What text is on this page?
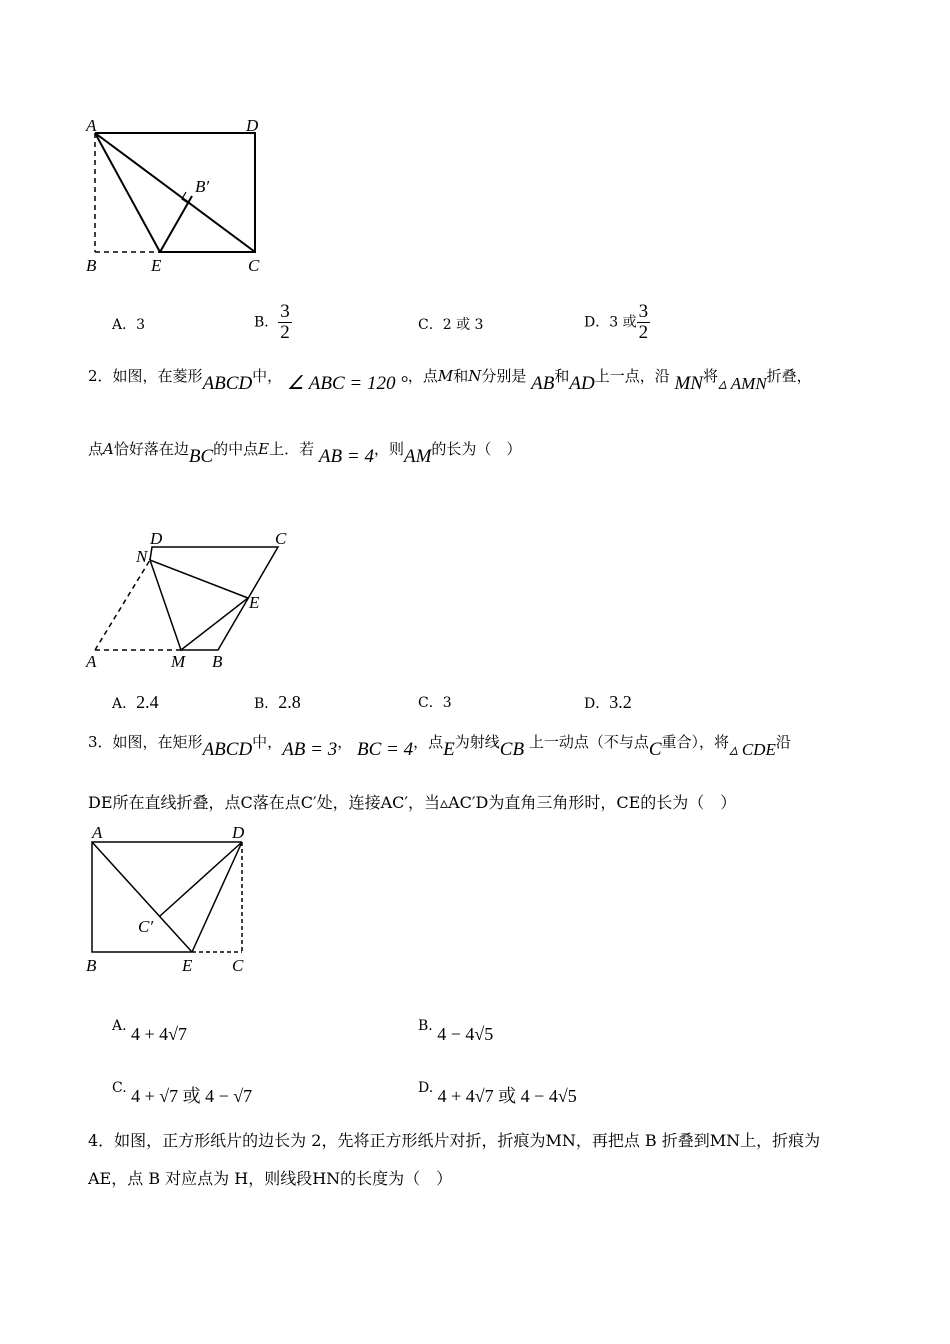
A	D
B	E	C
B′
A．3	B． $\frac{3}{2}$	C．2 或 3	D．3 或 $\frac{3}{2}$
2．如图，在菱形ABCD中， ∠ ABC = 120 °，点M和N分别是 AB和AD上一点，沿 MN将▵ AMN折叠，
点A恰好落在边BC的中点E上．若 AB = 4，则AM的长为（　）
D	C
N
E
A	M B
A．2.4	B．2.8	C．3	D．3.2
3．如图，在矩形ABCD中，AB = 3， BC = 4，点E为射线CB 上一动点（不与点C重合），将▵ CDE沿
DE所在直线折叠，点C落在点C′处，连接AC′，当▵AC′D为直角三角形时，CE的长为（　）
A	D
C′
B	E C
A. 4 + 4√7	B. 4 − 4√5
C. 4 + √7 或 4 − √7	D. 4 + 4√7 或 4 − 4√5
4．如图，正方形纸片的边长为 2，先将正方形纸片对折，折痕为MN，再把点 B 折叠到MN上，折痕为
AE，点 B 对应点为 H，则线段HN的长度为（　）
